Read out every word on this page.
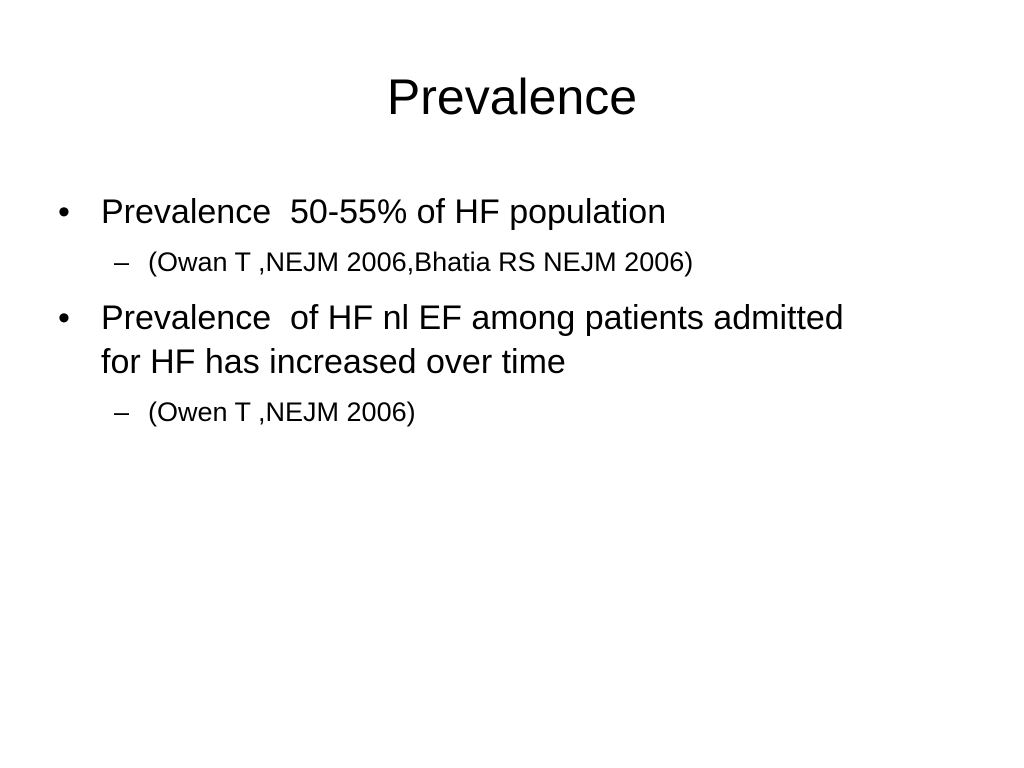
Prevalence
• Prevalence  50-55% of HF population
– (Owan T ,NEJM 2006,Bhatia RS NEJM 2006)
• Prevalence  of HF nl EF among patients admitted for HF has increased over time
– (Owen T ,NEJM 2006)
